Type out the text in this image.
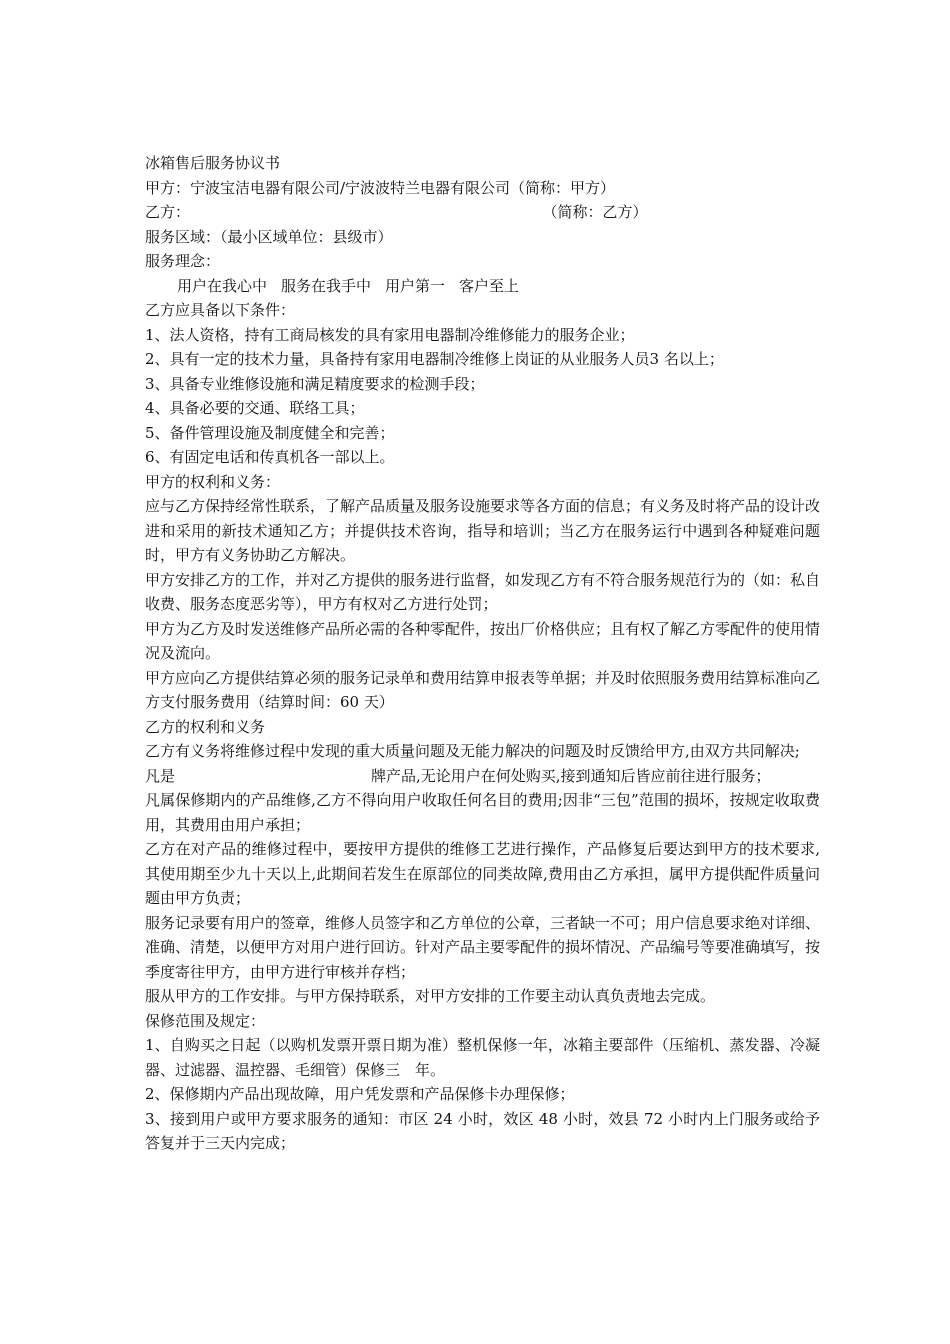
冰箱售后服务协议书
甲方：宁波宝洁电器有限公司/宁波波特兰电器有限公司（简称：甲方）
乙方：	（简称：乙方）
服务区域：（最小区域单位：县级市）
服务理念：
用户在我心中 服务在我手中 用户第一 客户至上
乙方应具备以下条件：
1、法人资格，持有工商局核发的具有家用电器制冷维修能力的服务企业；
2、具有一定的技术力量，具备持有家用电器制冷维修上岗证的从业服务人员3 名以上；
3、具备专业维修设施和满足精度要求的检测手段；
4、具备必要的交通、联络工具；
5、备件管理设施及制度健全和完善；
6、有固定电话和传真机各一部以上。
甲方的权利和义务：
应与乙方保持经常性联系，了解产品质量及服务设施要求等各方面的信息；有义务及时将产品的设计改进和采用的新技术通知乙方；并提供技术咨询，指导和培训；当乙方在服务运行中遇到各种疑难问题时，甲方有义务协助乙方解决。
甲方安排乙方的工作，并对乙方提供的服务进行监督，如发现乙方有不符合服务规范行为的（如：私自收费、服务态度恶劣等），甲方有权对乙方进行处罚；
甲方为乙方及时发送维修产品所必需的各种零配件，按出厂价格供应；且有权了解乙方零配件的使用情况及流向。
甲方应向乙方提供结算必须的服务记录单和费用结算申报表等单据；并及时依照服务费用结算标准向乙方支付服务费用（结算时间：60 天）
乙方的权利和义务
乙方有义务将维修过程中发现的重大质量问题及无能力解决的问题及时反馈给甲方,由双方共同解决;
凡是	牌产品,无论用户在何处购买,接到通知后皆应前往进行服务；
凡属保修期内的产品维修,乙方不得向用户收取任何名目的费用;因非“三包”范围的损坏，按规定收取费用，其费用由用户承担；
乙方在对产品的维修过程中，要按甲方提供的维修工艺进行操作，产品修复后要达到甲方的技术要求,其使用期至少九十天以上,此期间若发生在原部位的同类故障,费用由乙方承担，属甲方提供配件质量问题由甲方负责；
服务记录要有用户的签章，维修人员签字和乙方单位的公章，三者缺一不可；用户信息要求绝对详细、准确、清楚，以便甲方对用户进行回访。针对产品主要零配件的损坏情况、产品编号等要准确填写，按季度寄往甲方，由甲方进行审核并存档；
服从甲方的工作安排。与甲方保持联系，对甲方安排的工作要主动认真负责地去完成。
保修范围及规定：
1、自购买之日起（以购机发票开票日期为准）整机保修一年，冰箱主要部件（压缩机、蒸发器、冷凝器、过滤器、温控器、毛细管）保修三　年。
2、保修期内产品出现故障，用户凭发票和产品保修卡办理保修；
3、接到用户或甲方要求服务的通知：市区 24 小时，效区 48 小时，效县 72 小时内上门服务或给予答复并于三天内完成；
